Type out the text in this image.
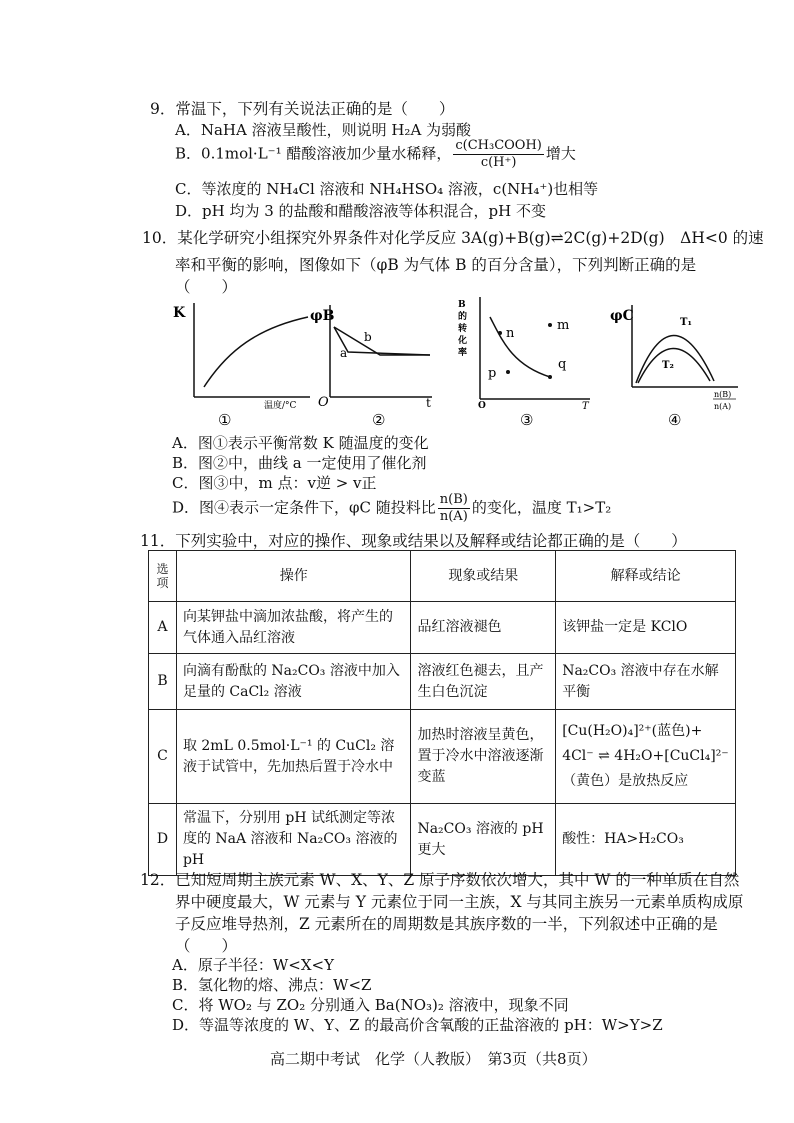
9．常温下，下列有关说法正确的是（　　）
A．NaHA 溶液呈酸性，则说明 H₂A 为弱酸
B．0.1mol·L⁻¹ 醋酸溶液加少量水稀释， $\frac{\text{c(CH₃COOH)}}{c(H^+)}$ 增大
C．等浓度的 NH₄Cl 溶液和 NH₄HSO₄ 溶液，c(NH₄⁺)也相等
D．pH 均为 3 的盐酸和醋酸溶液等体积混合，pH 不变
10．某化学研究小组探究外界条件对化学反应 3A(g)+B(g)⇌2C(g)+2D(g)　ΔH<0 的速
率和平衡的影响，图像如下（φB 为气体 B 的百分含量），下列判断正确的是
（　　）
K
温度/°C
①
φB
a
b
O	t
②
B
的
转
化
率
n
m
p
q
O	T
③
φC	T₁
T₂
n(B)
n(A)
④
A．图①表示平衡常数 K 随温度的变化
B．图②中，曲线 a 一定使用了催化剂
C．图③中，m 点：v逆 > v正
D．图④表示一定条件下，φC 随投料比 $\frac{n(B)}{n(A)}$ 的变化，温度 T₁>T₂
11．下列实验中，对应的操作、现象或结果以及解释或结论都正确的是（　　）
选项	操作	现象或结果	解释或结论
A	向某钾盐中滴加浓盐酸，将产生的气体通入品红溶液	品红溶液褪色	该钾盐一定是 KClO
B	向滴有酚酞的 Na₂CO₃ 溶液中加入足量的 CaCl₂ 溶液	溶液红色褪去，且产生白色沉淀	Na₂CO₃ 溶液中存在水解平衡
C	取 2mL 0.5mol·L⁻¹ 的 CuCl₂ 溶液于试管中，先加热后置于冷水中	加热时溶液呈黄色，置于冷水中溶液逐渐变蓝	[Cu(H₂O)₄]²⁺(蓝色)+ 4Cl⁻ ⇌ 4H₂O+[CuCl₄]²⁻ （黄色）是放热反应
D	常温下，分别用 pH 试纸测定等浓度的 NaA 溶液和 Na₂CO₃ 溶液的 pH	Na₂CO₃ 溶液的 pH 更大	酸性：HA>H₂CO₃
12．已知短周期主族元素 W、X、Y、Z 原子序数依次增大，其中 W 的一种单质在自然
界中硬度最大，W 元素与 Y 元素位于同一主族，X 与其同主族另一元素单质构成原
子反应堆导热剂，Z 元素所在的周期数是其族序数的一半，下列叙述中正确的是
（　　）
A．原子半径：W<X<Y
B．氢化物的熔、沸点：W<Z
C．将 WO₂ 与 ZO₂ 分别通入 Ba(NO₃)₂ 溶液中，现象不同
D．等温等浓度的 W、Y、Z 的最高价含氧酸的正盐溶液的 pH：W>Y>Z
高二期中考试　化学（人教版）　第3页（共8页）
